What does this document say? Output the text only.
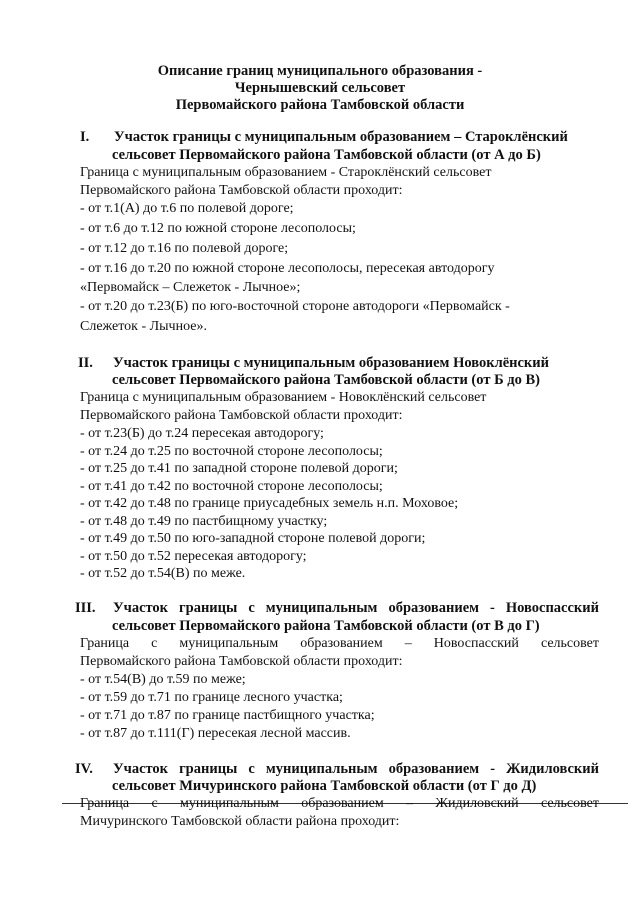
Описание границ муниципального образования -
Чернышевский сельсовет
Первомайского района Тамбовской области
I. Участок границы с муниципальным образованием – Староклёнский
сельсовет Первомайского района Тамбовской области (от А до Б)
Граница с муниципальным образованием - Староклёнский сельсовет
Первомайского района Тамбовской области проходит:
- от т.1(А) до т.6 по полевой дороге;
- от т.6 до т.12 по южной стороне лесополосы;
- от т.12 до т.16 по полевой дороге;
- от т.16 до т.20 по южной стороне лесополосы, пересекая автодорогу
«Первомайск – Слежеток - Лычное»;
- от т.20 до т.23(Б) по юго-восточной стороне автодороги «Первомайск -
Слежеток - Лычное».
II. Участок границы с муниципальным образованием Новоклёнский
сельсовет Первомайского района Тамбовской области (от Б до В)
Граница с муниципальным образованием - Новоклёнский сельсовет
Первомайского района Тамбовской области проходит:
- от т.23(Б) до т.24 пересекая автодорогу;
- от т.24 до т.25 по восточной стороне лесополосы;
- от т.25 до т.41 по западной стороне полевой дороги;
- от т.41 до т.42 по восточной стороне лесополосы;
- от т.42 до т.48 по границе приусадебных земель н.п. Моховое;
- от т.48 до т.49 по пастбищному участку;
- от т.49 до т.50 по юго-западной стороне полевой дороги;
- от т.50 до т.52 пересекая автодорогу;
- от т.52 до т.54(В) по меже.
III. Участок границы с муниципальным образованием - Новоспасский
сельсовет Первомайского района Тамбовской области (от В до Г)
Граница с муниципальным образованием – Новоспасский сельсовет
Первомайского района Тамбовской области проходит:
- от т.54(В) до т.59 по меже;
- от т.59 до т.71 по границе лесного участка;
- от т.71 до т.87 по границе пастбищного участка;
- от т.87 до т.111(Г) пересекая лесной массив.
IV. Участок границы с муниципальным образованием - Жидиловский
сельсовет Мичуринского района Тамбовской области (от Г до Д)
Граница с муниципальным образованием – Жидиловский сельсовет
Мичуринского Тамбовской области района проходит:
